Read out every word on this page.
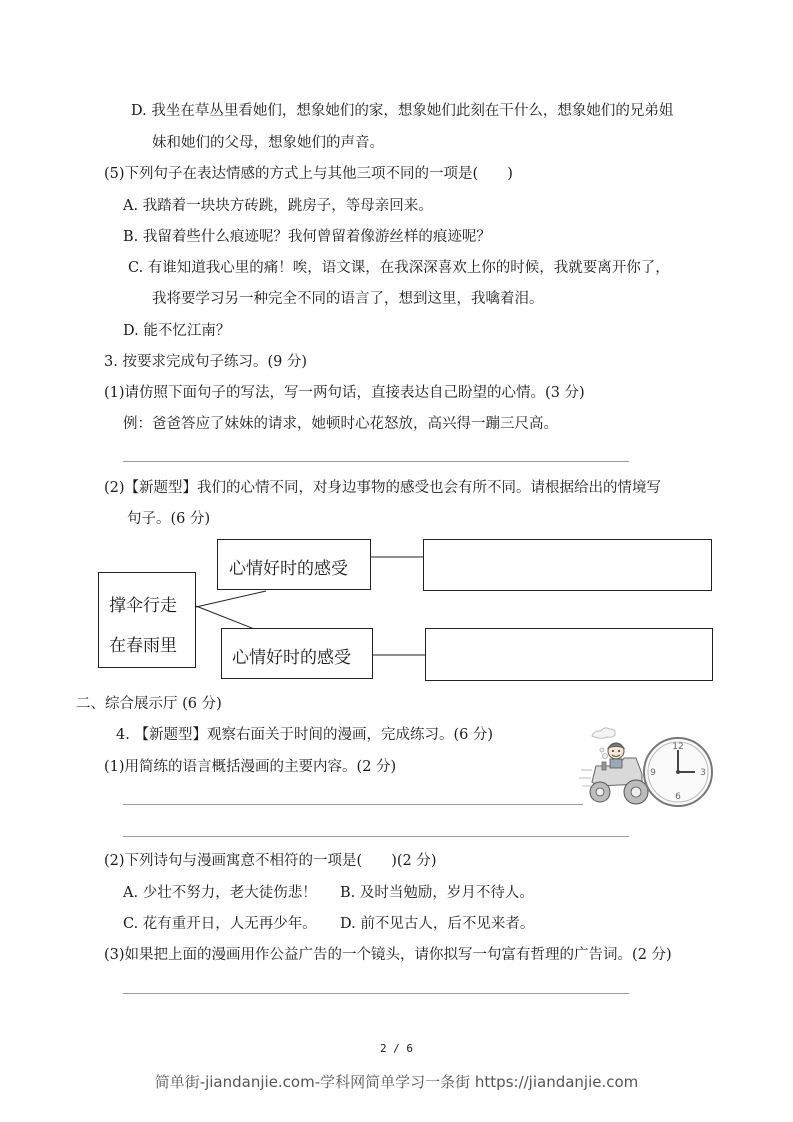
D. 我坐在草丛里看她们，想象她们的家，想象她们此刻在干什么，想象她们的兄弟姐
妹和她们的父母，想象她们的声音。
(5)下列句子在表达情感的方式上与其他三项不同的一项是(　　)
A. 我踏着一块块方砖跳，跳房子，等母亲回来。
B. 我留着些什么痕迹呢？我何曾留着像游丝样的痕迹呢？
C. 有谁知道我心里的痛！唉，语文课，在我深深喜欢上你的时候，我就要离开你了，
我将要学习另一种完全不同的语言了，想到这里，我噙着泪。
D. 能不忆江南？
3. 按要求完成句子练习。(9 分)
(1)请仿照下面句子的写法，写一两句话，直接表达自己盼望的心情。(3 分)
例：爸爸答应了妹妹的请求，她顿时心花怒放，高兴得一蹦三尺高。
(2)【新题型】我们的心情不同，对身边事物的感受也会有所不同。请根据给出的情境写
句子。(6 分)
撑伞行走
在春雨里
心情好时的感受
心情好时的感受
二、综合展示厅 (6 分)
4. 【新题型】观察右面关于时间的漫画，完成练习。(6 分)
(1)用简练的语言概括漫画的主要内容。(2 分)
12
3
6
9
(2)下列诗句与漫画寓意不相符的一项是(　　)(2 分)
A. 少壮不努力，老大徒伤悲！ B. 及时当勉励，岁月不待人。
C. 花有重开日，人无再少年。 D. 前不见古人，后不见来者。
(3)如果把上面的漫画用作公益广告的一个镜头，请你拟写一句富有哲理的广告词。(2 分)
2 / 6
简单街-jiandanjie.com-学科网简单学习一条街 https://jiandanjie.com
